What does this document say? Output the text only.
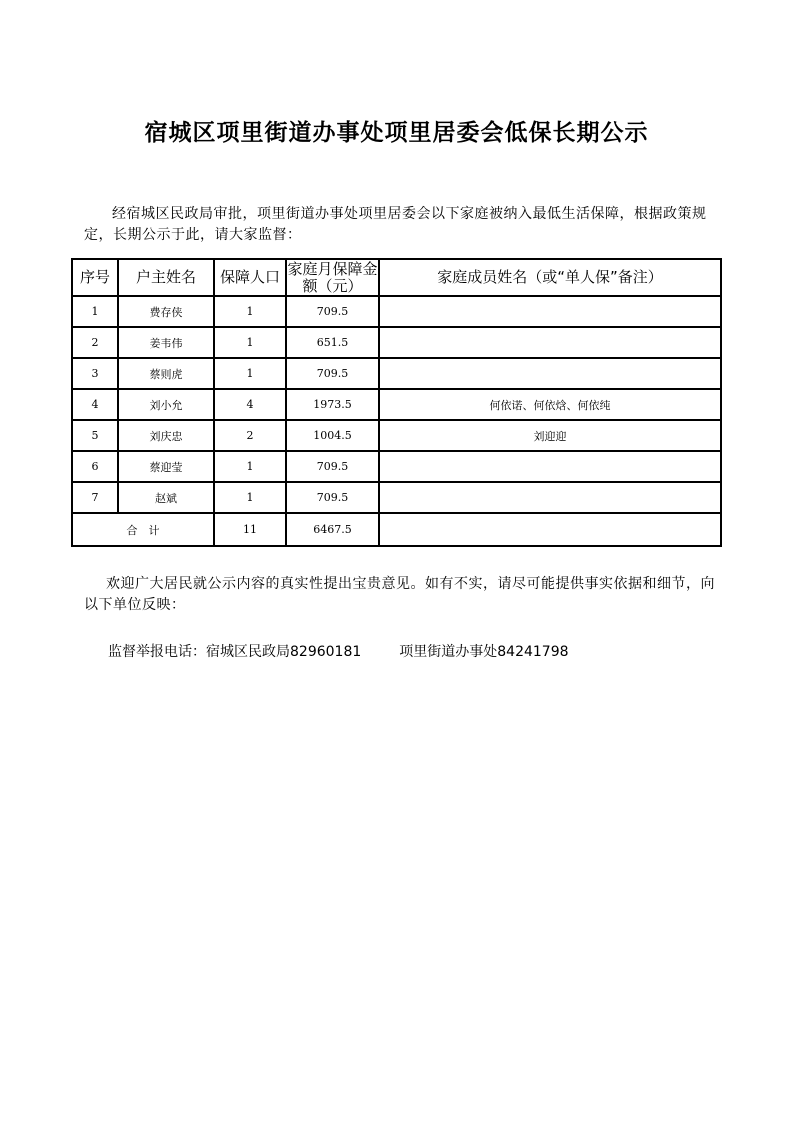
宿城区项里街道办事处项里居委会低保长期公示
经宿城区民政局审批，项里街道办事处项里居委会以下家庭被纳入最低生活保障，根据政策规定，长期公示于此，请大家监督：
序号	户主姓名	保障人口	家庭月保障金额（元）	家庭成员姓名（或“单人保”备注）
1	费存侠	1	709.5	
2	姜韦伟	1	651.5	
3	蔡则虎	1	709.5	
4	刘小允	4	1973.5	何依诺、何依焓、何依纯
5	刘庆忠	2	1004.5	刘迎迎
6	蔡迎莹	1	709.5	
7	赵斌	1	709.5	
合　计		11	6467.5	
欢迎广大居民就公示内容的真实性提出宝贵意见。如有不实，请尽可能提供事实依据和细节，向以下单位反映：
监督举报电话：宿城区民政局82960181	项里街道办事处84241798
